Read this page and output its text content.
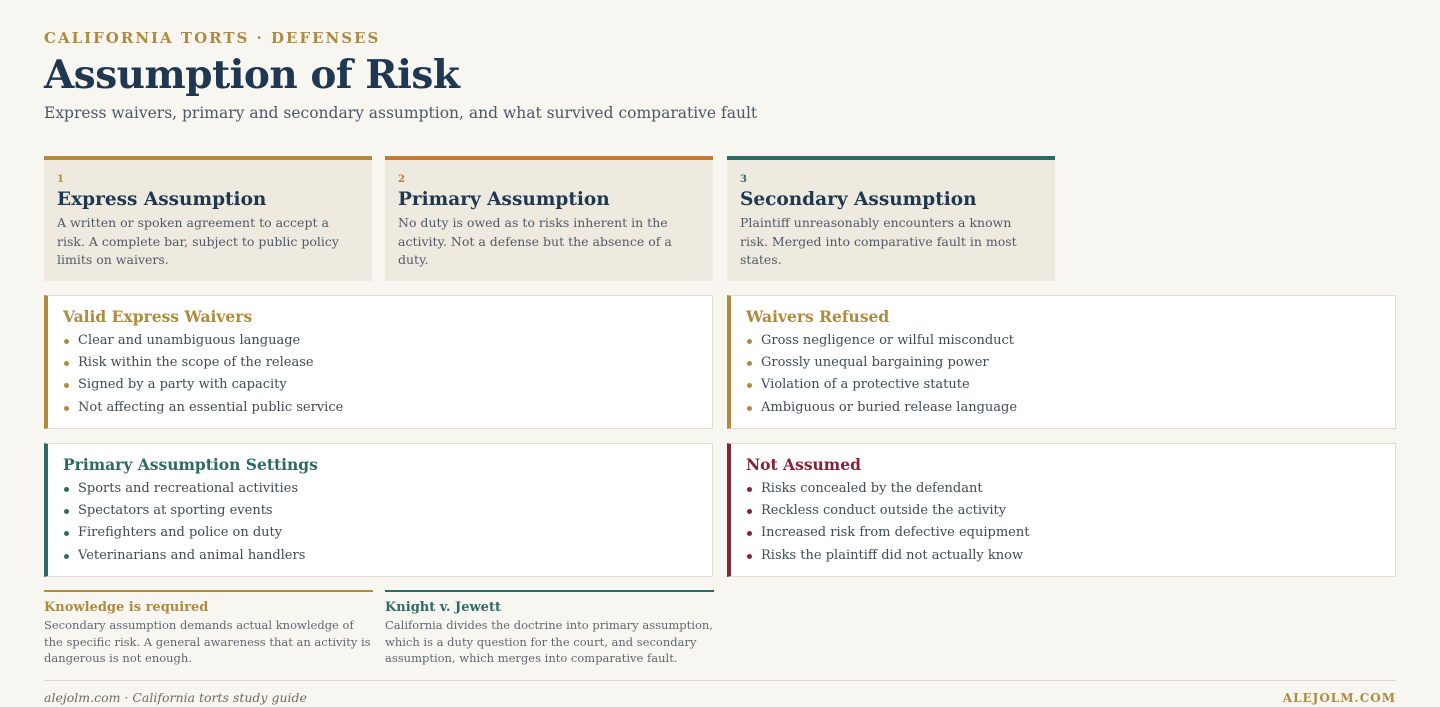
CALIFORNIA TORTS · DEFENSES
Assumption of Risk
Express waivers, primary and secondary assumption, and what survived comparative fault
1
Express Assumption

A written or spoken agreement to accept a risk. A complete bar, subject to public policy limits on waivers.

2
Primary Assumption

No duty is owed as to risks inherent in the activity. Not a defense but the absence of a duty.

3
Secondary Assumption

Plaintiff unreasonably encounters a known risk. Merged into comparative fault in most states.

Valid Express Waivers
Clear and unambiguous language
Risk within the scope of the release
Signed by a party with capacity
Not affecting an essential public service
Waivers Refused
Gross negligence or wilful misconduct
Grossly unequal bargaining power
Violation of a protective statute
Ambiguous or buried release language
Primary Assumption Settings
Sports and recreational activities
Spectators at sporting events
Firefighters and police on duty
Veterinarians and animal handlers
Not Assumed
Risks concealed by the defendant
Reckless conduct outside the activity
Increased risk from defective equipment
Risks the plaintiff did not actually know
Knowledge is required

Secondary assumption demands actual knowledge of the specific risk. A general awareness that an activity is dangerous is not enough.

Knight v. Jewett

California divides the doctrine into primary assumption, which is a duty question for the court, and secondary assumption, which merges into comparative fault.

alejolm.com · California torts study guide	ALEJOLM.COM
